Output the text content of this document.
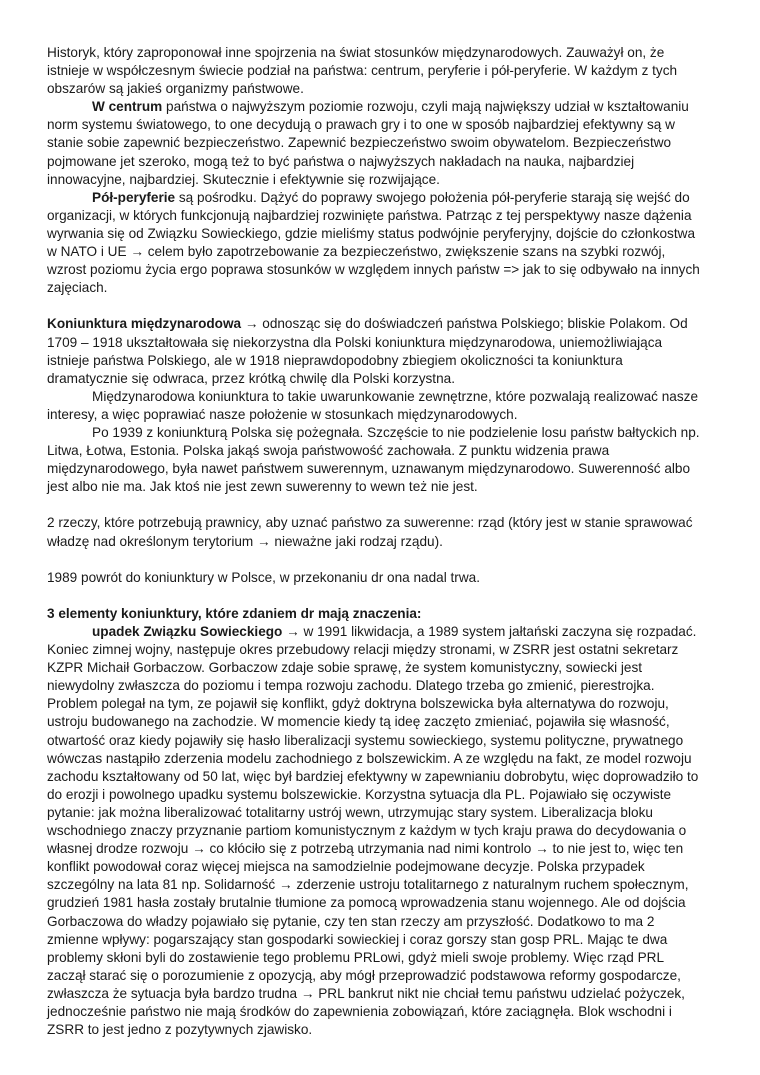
Historyk, który zaproponował inne spojrzenia na świat stosunków międzynarodowych. Zauważył on, że istnieje w współczesnym świecie podział na państwa: centrum, peryferie i pół-peryferie. W każdym z tych obszarów są jakieś organizmy państwowe.

W centrum państwa o najwyższym poziomie rozwoju, czyli mają największy udział w kształtowaniu norm systemu światowego, to one decydują o prawach gry i to one w sposób najbardziej efektywny są w stanie sobie zapewnić bezpieczeństwo. Zapewnić bezpieczeństwo swoim obywatelom. Bezpieczeństwo pojmowane jet szeroko, mogą też to być państwa o najwyższych nakładach na nauka, najbardziej innowacyjne, najbardziej. Skutecznie i efektywnie się rozwijające.

Pół-peryferie są pośrodku. Dążyć do poprawy swojego położenia pół-peryferie starają się wejść do organizacji, w których funkcjonują najbardziej rozwinięte państwa. Patrząc z tej perspektywy nasze dążenia wyrwania się od Związku Sowieckiego, gdzie mieliśmy status podwójnie peryferyjny, dojście do członkostwa w NATO i UE → celem było zapotrzebowanie za bezpieczeństwo, zwiększenie szans na szybki rozwój, wzrost poziomu życia ergo poprawa stosunków w względem innych państw => jak to się odbywało na innych zajęciach.

Koniunktura międzynarodowa → odnosząc się do doświadczeń państwa Polskiego; bliskie Polakom. Od 1709 – 1918 ukształtowała się niekorzystna dla Polski koniunktura międzynarodowa, uniemożliwiająca istnieje państwa Polskiego, ale w 1918 nieprawdopodobny zbiegiem okoliczności ta koniunktura dramatycznie się odwraca, przez krótką chwilę dla Polski korzystna.

Międzynarodowa koniunktura to takie uwarunkowanie zewnętrzne, które pozwalają realizować nasze interesy, a więc poprawiać nasze położenie w stosunkach międzynarodowych.

Po 1939 z koniunkturą Polska się pożegnała. Szczęście to nie podzielenie losu państw bałtyckich np. Litwa, Łotwa, Estonia. Polska jakąś swoja państwowość zachowała. Z punktu widzenia prawa międzynarodowego, była nawet państwem suwerennym, uznawanym międzynarodowo. Suwerenność albo jest albo nie ma. Jak ktoś nie jest zewn suwerenny to wewn też nie jest.

2 rzeczy, które potrzebują prawnicy, aby uznać państwo za suwerenne: rząd (który jest w stanie sprawować władzę nad określonym terytorium → nieważne jaki rodzaj rządu).

1989 powrót do koniunktury w Polsce, w przekonaniu dr ona nadal trwa.

3 elementy koniunktury, które zdaniem dr mają znaczenia:

upadek Związku Sowieckiego → w 1991 likwidacja, a 1989 system jałtański zaczyna się rozpadać. Koniec zimnej wojny, następuje okres przebudowy relacji między stronami, w ZSRR jest ostatni sekretarz KZPR Michaił Gorbaczow. Gorbaczow zdaje sobie sprawę, że system komunistyczny, sowiecki jest niewydolny zwłaszcza do poziomu i tempa rozwoju zachodu. Dlatego trzeba go zmienić, pierestrojka. Problem polegał na tym, ze pojawił się konflikt, gdyż doktryna bolszewicka była alternatywa do rozwoju, ustroju budowanego na zachodzie. W momencie kiedy tą ideę zaczęto zmieniać, pojawiła się własność, otwartość oraz kiedy pojawiły się hasło liberalizacji systemu sowieckiego, systemu polityczne, prywatnego wówczas nastąpiło zderzenia modelu zachodniego z bolszewickim. A ze względu na fakt, ze model rozwoju zachodu kształtowany od 50 lat, więc był bardziej efektywny w zapewnianiu dobrobytu, więc doprowadziło to do erozji i powolnego upadku systemu bolszewickie. Korzystna sytuacja dla PL. Pojawiało się oczywiste pytanie: jak można liberalizować totalitarny ustrój wewn, utrzymując stary system. Liberalizacja bloku wschodniego znaczy przyznanie partiom komunistycznym z każdym w tych kraju prawa do decydowania o własnej drodze rozwoju → co kłóciło się z potrzebą utrzymania nad nimi kontrolo → to nie jest to, więc ten konflikt powodował coraz więcej miejsca na samodzielnie podejmowane decyzje. Polska przypadek szczególny na lata 81 np. Solidarność → zderzenie ustroju totalitarnego z naturalnym ruchem społecznym, grudzień 1981 hasła zostały brutalnie tłumione za pomocą wprowadzenia stanu wojennego. Ale od dojścia Gorbaczowa do władzy pojawiało się pytanie, czy ten stan rzeczy am przyszłość. Dodatkowo to ma 2 zmienne wpływy: pogarszający stan gospodarki sowieckiej i coraz gorszy stan gosp PRL. Mając te dwa problemy skłoni byli do zostawienie tego problemu PRLowi, gdyż mieli swoje problemy. Więc rząd PRL zaczął starać się o porozumienie z opozycją, aby mógł przeprowadzić podstawowa reformy gospodarcze, zwłaszcza że sytuacja była bardzo trudna → PRL bankrut nikt nie chciał temu państwu udzielać pożyczek, jednocześnie państwo nie mają środków do zapewnienia zobowiązań, które zaciągnęła. Blok wschodni i ZSRR to jest jedno z pozytywnych zjawisko.
